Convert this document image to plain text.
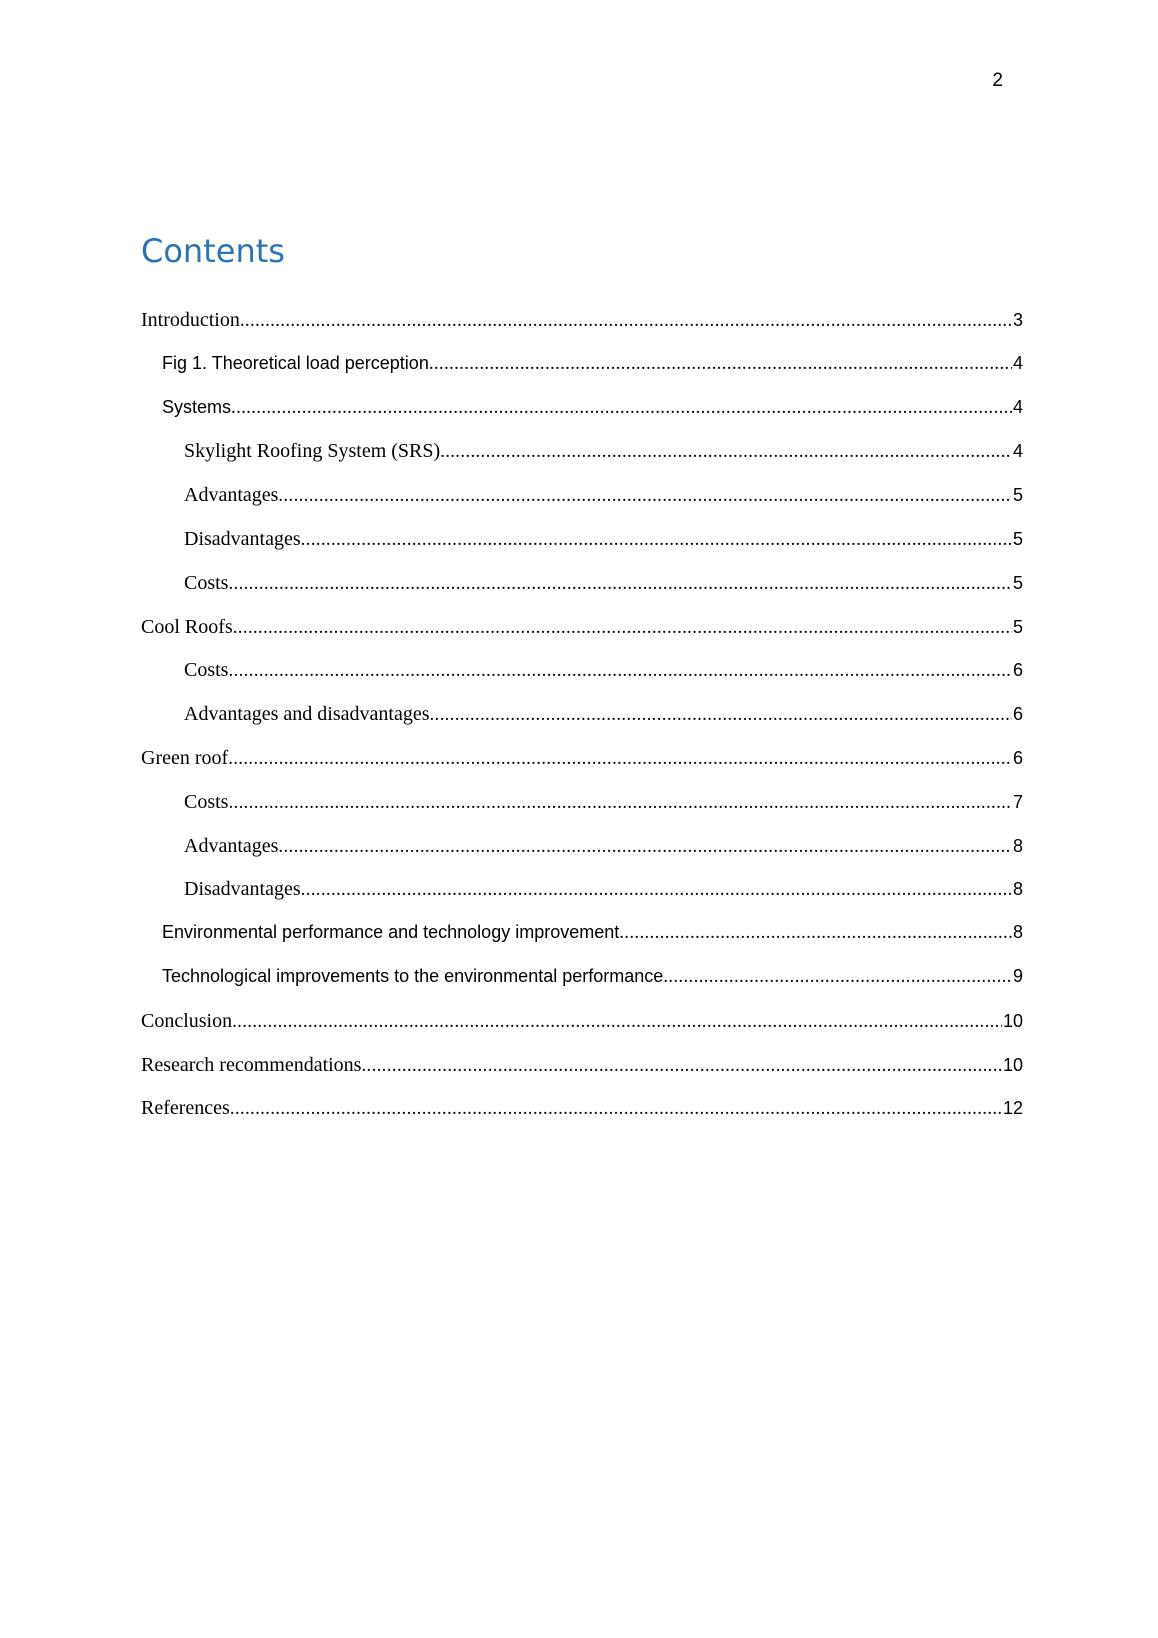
2
Contents
Introduction .....	3
Fig 1. Theoretical load perception .....	4
Systems .....	4
Skylight Roofing System (SRS) .....	4
Advantages .....	5
Disadvantages .....	5
Costs .....	5
Cool Roofs .....	5
Costs .....	6
Advantages and disadvantages .....	6
Green roof .....	6
Costs .....	7
Advantages .....	8
Disadvantages .....	8
Environmental performance and technology improvement .....	8
Technological improvements to the environmental performance .....	9
Conclusion .....	10
Research recommendations .....	10
References .....	12
